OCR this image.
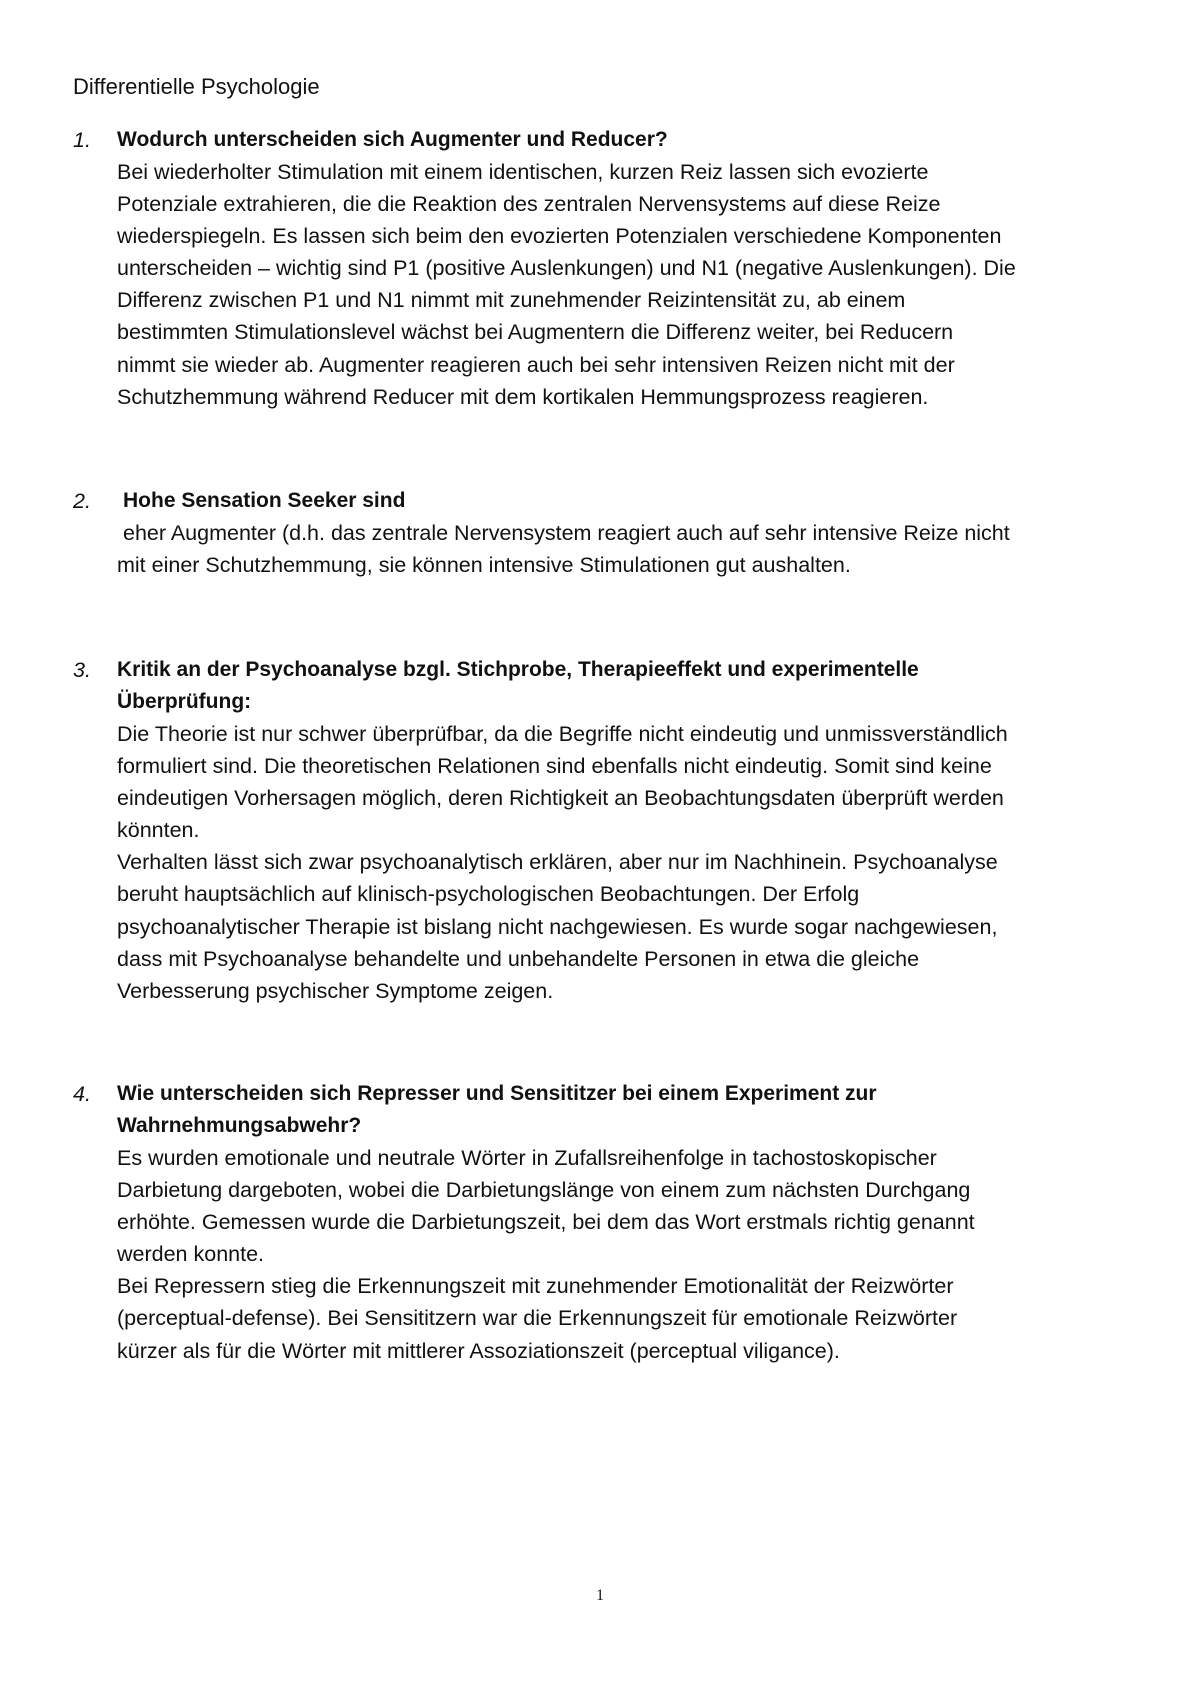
Differentielle Psychologie
1. Wodurch unterscheiden sich Augmenter und Reducer?
Bei wiederholter Stimulation mit einem identischen, kurzen Reiz lassen sich evozierte
Potenziale extrahieren, die die Reaktion des zentralen Nervensystems auf diese Reize
wiederspiegeln. Es lassen sich beim den evozierten Potenzialen verschiedene Komponenten
unterscheiden – wichtig sind P1 (positive Auslenkungen) und N1 (negative Auslenkungen). Die
Differenz zwischen P1 und N1 nimmt mit zunehmender Reizintensität zu, ab einem
bestimmten Stimulationslevel wächst bei Augmentern die Differenz weiter, bei Reducern
nimmt sie wieder ab. Augmenter reagieren auch bei sehr intensiven Reizen nicht mit der
Schutzhemmung während Reducer mit dem kortikalen Hemmungsprozess reagieren.
2. Hohe Sensation Seeker sind
eher Augmenter (d.h. das zentrale Nervensystem reagiert auch auf sehr intensive Reize nicht
mit einer Schutzhemmung, sie können intensive Stimulationen gut aushalten.
3. Kritik an der Psychoanalyse bzgl. Stichprobe, Therapieeffekt und experimentelle
Überprüfung:
Die Theorie ist nur schwer überprüfbar, da die Begriffe nicht eindeutig und unmissverständlich
formuliert sind. Die theoretischen Relationen sind ebenfalls nicht eindeutig. Somit sind keine
eindeutigen Vorhersagen möglich, deren Richtigkeit an Beobachtungsdaten überprüft werden
könnten.
Verhalten lässt sich zwar psychoanalytisch erklären, aber nur im Nachhinein. Psychoanalyse
beruht hauptsächlich auf klinisch-psychologischen Beobachtungen. Der Erfolg
psychoanalytischer Therapie ist bislang nicht nachgewiesen. Es wurde sogar nachgewiesen,
dass mit Psychoanalyse behandelte und unbehandelte Personen in etwa die gleiche
Verbesserung psychischer Symptome zeigen.
4. Wie unterscheiden sich Represser und Sensititzer bei einem Experiment zur
Wahrnehmungsabwehr?
Es wurden emotionale und neutrale Wörter in Zufallsreihenfolge in tachostoskopischer
Darbietung dargeboten, wobei die Darbietungslänge von einem zum nächsten Durchgang
erhöhte. Gemessen wurde die Darbietungszeit, bei dem das Wort erstmals richtig genannt
werden konnte.
Bei Repressern stieg die Erkennungszeit mit zunehmender Emotionalität der Reizwörter
(perceptual-defense). Bei Sensititzern war die Erkennungszeit für emotionale Reizwörter
kürzer als für die Wörter mit mittlerer Assoziationszeit (perceptual viligance).
1
